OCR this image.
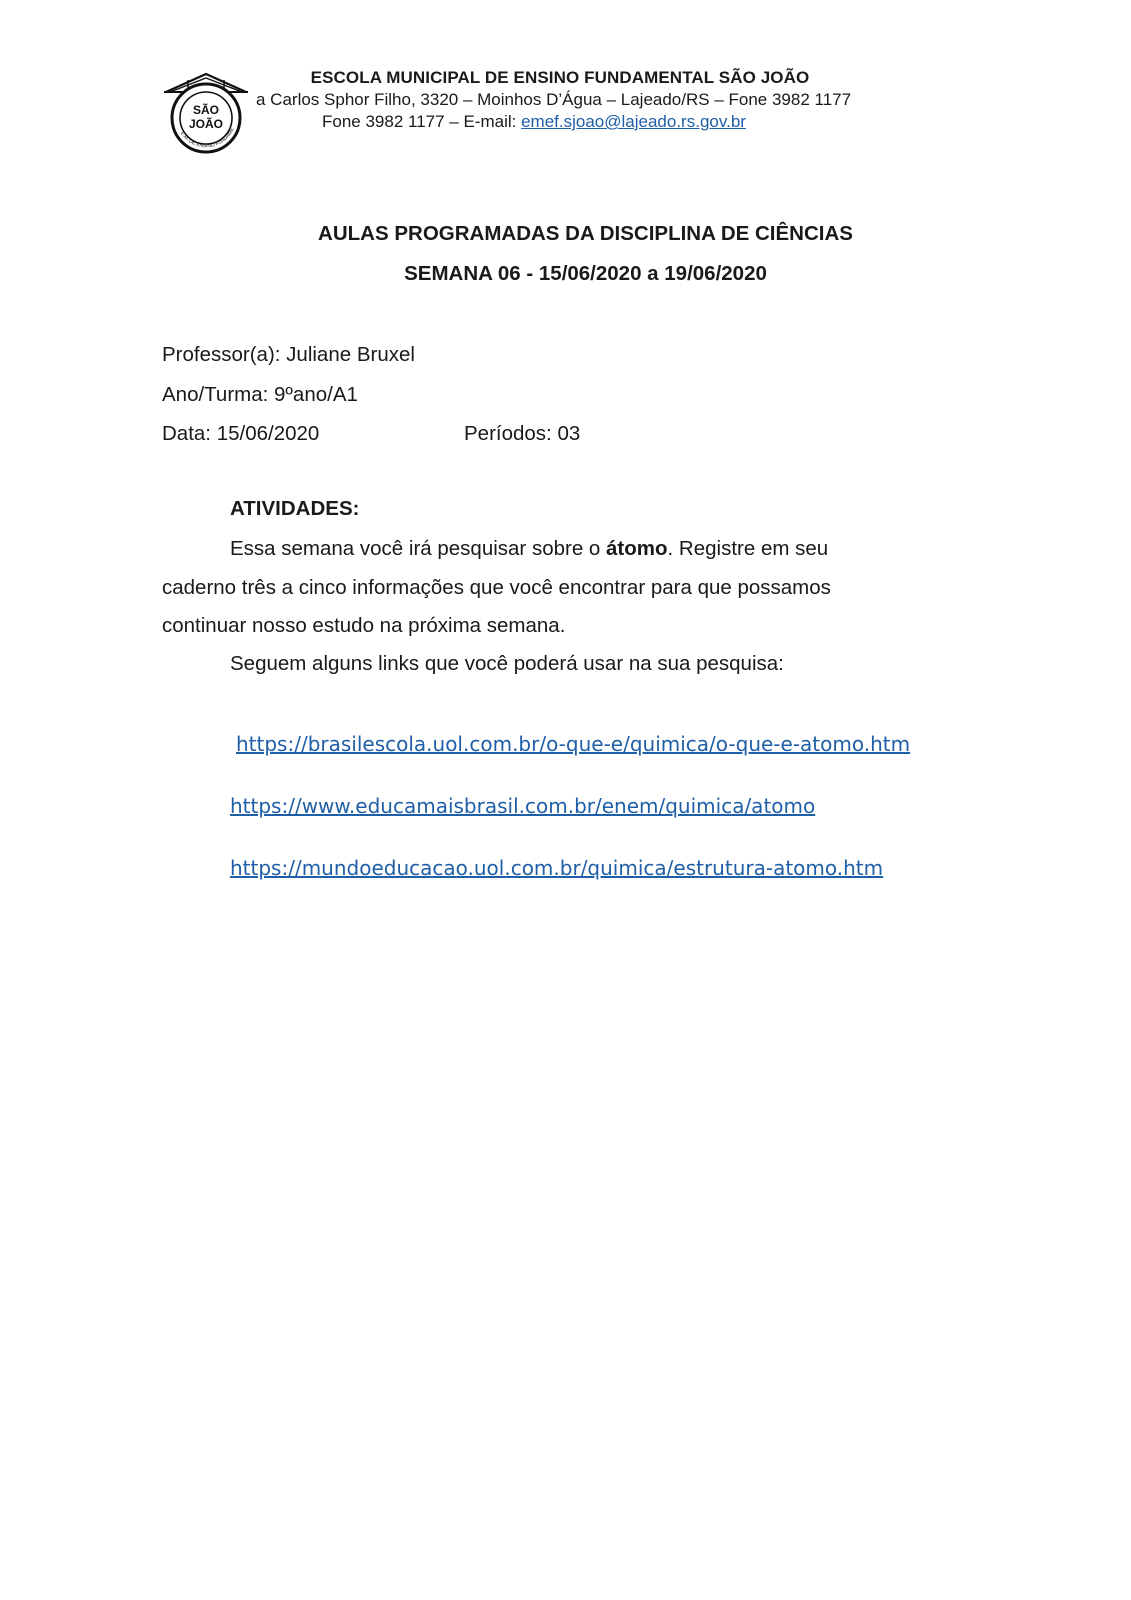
SÃO
JOÃO
E.M. DE ENSINO FUNDAME
ESCOLA MUNICIPAL DE ENSINO FUNDAMENTAL SÃO JOÃO
a Carlos Sphor Filho, 3320 – Moinhos D’Água – Lajeado/RS – Fone 3982 1177
Fone 3982 1177 – E-mail: emef.sjoao@lajeado.rs.gov.br
AULAS PROGRAMADAS DA DISCIPLINA DE CIÊNCIAS
SEMANA 06 - 15/06/2020 a 19/06/2020
Professor(a): Juliane Bruxel
Ano/Turma: 9ºano/A1
Data: 15/06/2020	Períodos: 03
ATIVIDADES:
Essa semana você irá pesquisar sobre o átomo. Registre em seu
caderno três a cinco informações que você encontrar para que possamos
continuar nosso estudo na próxima semana.
Seguem alguns links que você poderá usar na sua pesquisa:
https://brasilescola.uol.com.br/o-que-e/quimica/o-que-e-atomo.htm
https://www.educamaisbrasil.com.br/enem/quimica/atomo
https://mundoeducacao.uol.com.br/quimica/estrutura-atomo.htm
